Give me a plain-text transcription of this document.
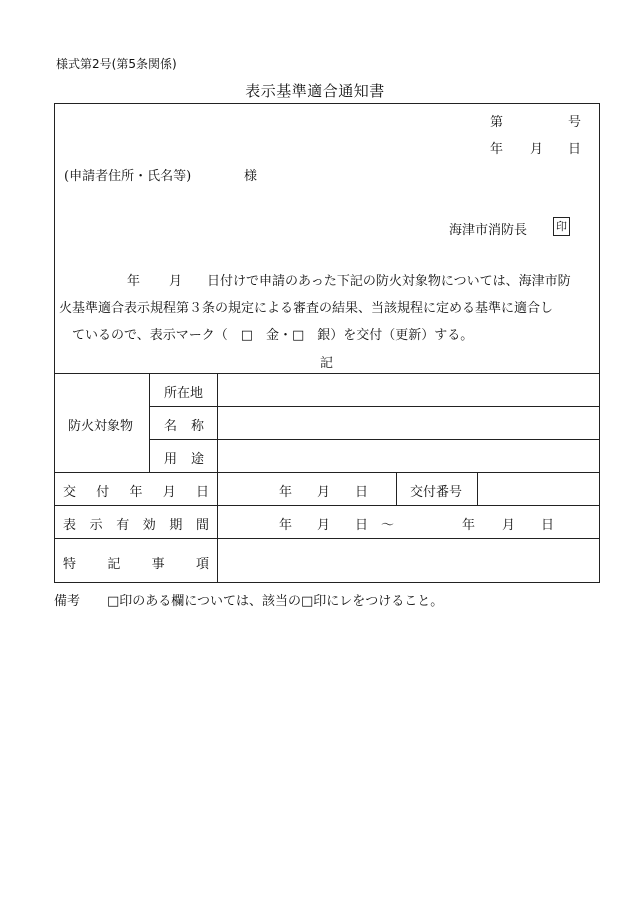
様式第2号(第5条関係)
表示基準適合通知書
第	号
年 月 日
(申請者住所・氏名等)	様
海津市消防長	印
年 月 日付けで申請のあった下記の防火対象物については、海津市防
火基準適合表示規程第３条の規定による審査の結果、当該規程に定める基準に適合し
ているので、表示マーク（　□　金・□　銀）を交付（更新）する。
記
防火対象物
所在地
名 称
用 途
交 付 年 月 日	年 月 日	交付番号
表 示 有 効 期 間	年 月 日　～	年 月 日
特 記 事 項
備考 □印のある欄については、該当の□印にレをつけること。
